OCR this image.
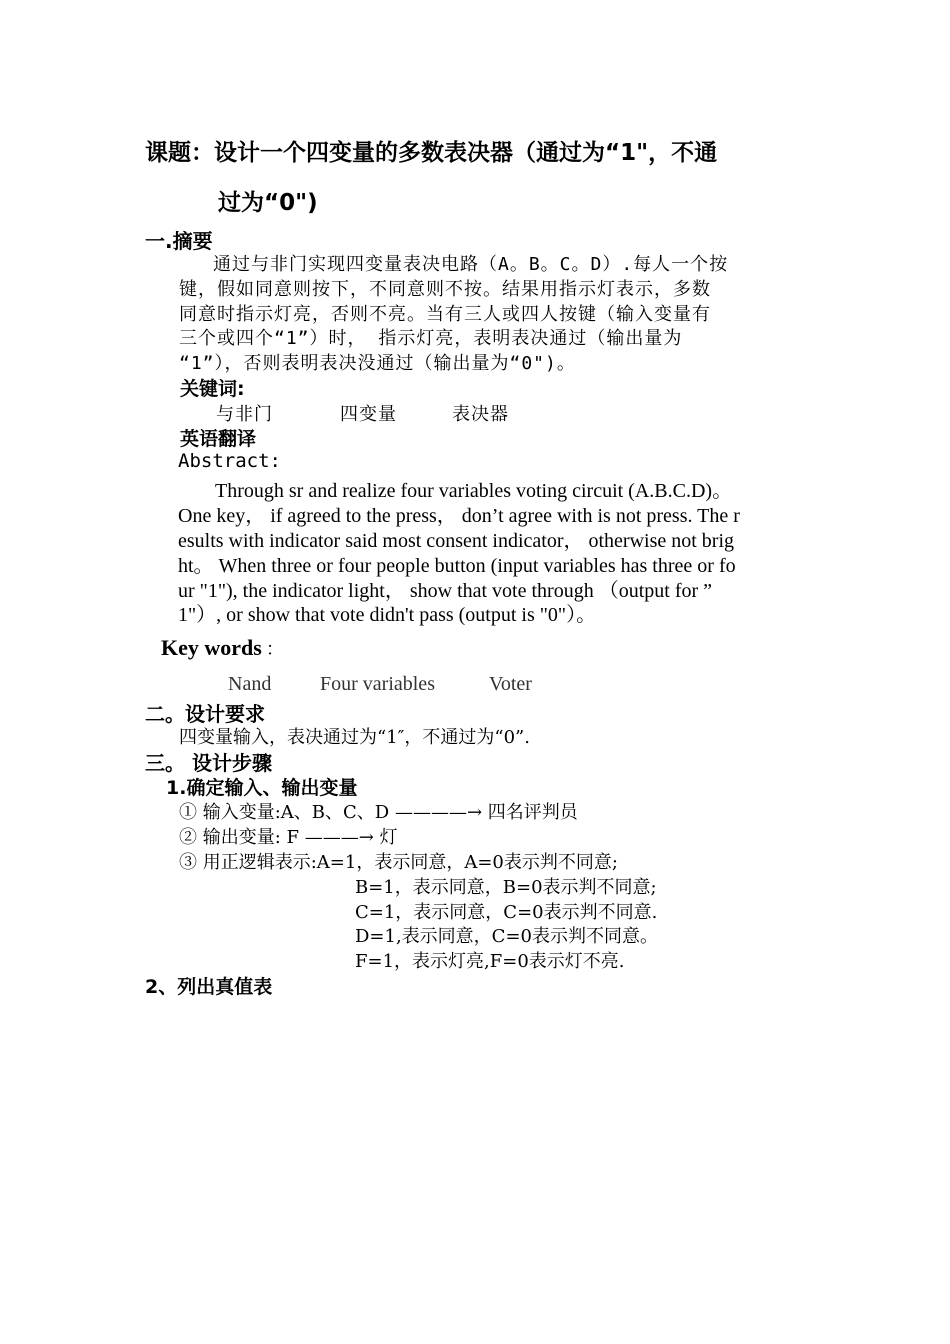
课题：设计一个四变量的多数表决器（通过为“1"，不通
过为“0")
一.摘要
通过与非门实现四变量表决电路（A。B。C。D）.每人一个按
键，假如同意则按下，不同意则不按。结果用指示灯表示，多数
同意时指示灯亮，否则不亮。当有三人或四人按键（输入变量有
三个或四个“1”）时， 指示灯亮，表明表决通过（输出量为
“1”），否则表明表决没通过（输出量为“0")。
关键词:
与非门	四变量	表决器
英语翻译
Abstract:
Through sr and realize four variables voting circuit (A.B.C.D)。
One key， if agreed to the press， don’t agree with is not press. The r
esults with indicator said most consent indicator， otherwise not brig
ht。 When three or four people button (input variables has three or fo
ur "1"), the indicator light， show that vote through （output for ”
1"）, or show that vote didn't pass (output is "0"）。
Key words ：
Nand Four variables	Voter
二。设计要求
四变量输入，表决通过为“1″，不通过为“0”.
三。 设计步骤
1.确定输入、输出变量
① 输入变量:A、B、C、D ————→ 四名评判员
② 输出变量: F ———→ 灯
③ 用正逻辑表示:A=1，表示同意，A=0表示判不同意;
B=1，表示同意，B=0表示判不同意;
C=1，表示同意，C=0表示判不同意.
D=1,表示同意，C=0表示判不同意。
F=1，表示灯亮,F=0表示灯不亮.
2、列出真值表
